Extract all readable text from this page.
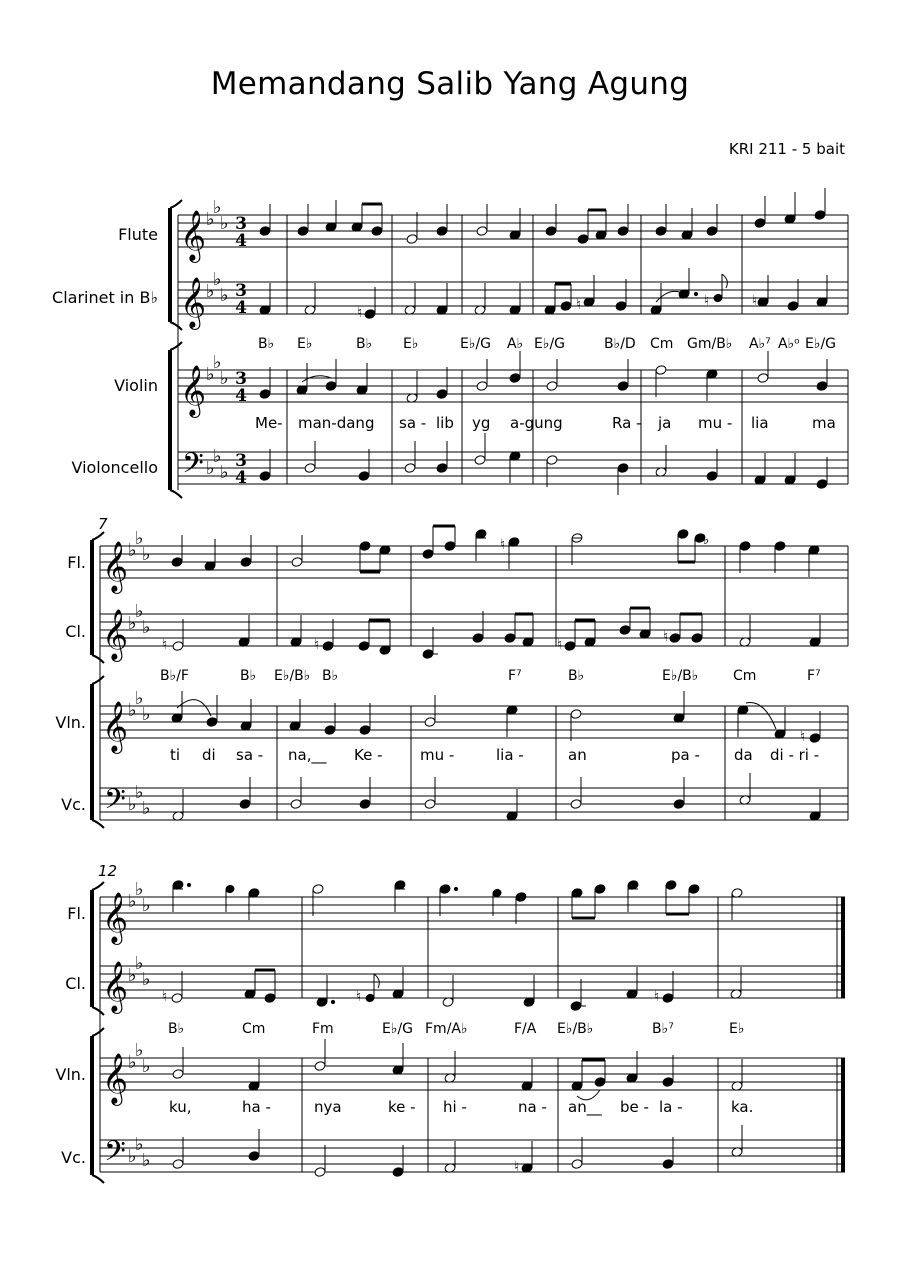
Memandang Salib Yang Agung
KRI 211 - 5 bait
Flute
Clarinet in B♭
Violin
Violoncello
𝄞
𝄞
𝄞
𝄢
♭
♭
♭
♭
♭
♭
♭
♭
♭
♭
♭
♭
3
4
3
4
3
4
3
4
♮	♮	♮	♮
B♭ E♭	B♭ E♭	E♭/G A♭ E♭/G	B♭/D Cm Gm/B♭ A♭⁷ A♭ᵒ E♭/G
Me- man-dang sa - lib yg a-gung	Ra - ja mu - lia	ma
7
Fl.
Cl.
Vln.
Vc.
𝄞
𝄞
𝄞
𝄢
♭
♭
♭
♭
♭
♭
♭
♭
♭
♭
♭
♭
♮	♭
♮	♮	♮	♮
B♭/F	B♭ E♭/B♭ B♭	F⁷	B♭	E♭/B♭ Cm	F⁷
♮
ti di sa - na,__ Ke -	mu -	lia -	an	pa - da di - ri -
12
Fl.
Cl.
Vln.
Vc.
𝄞
𝄞
𝄞
𝄢
♭
♭
♭
♭
♭
♭
♭
♭
♭
♭
♭
♭
♮	♮	♮
B♭	Cm	Fm	E♭/G Fm/A♭	F/A E♭/B♭	B♭⁷	E♭
ku,	ha -	nya	ke - hi -	na - an__ be - la -	ka.
♮
